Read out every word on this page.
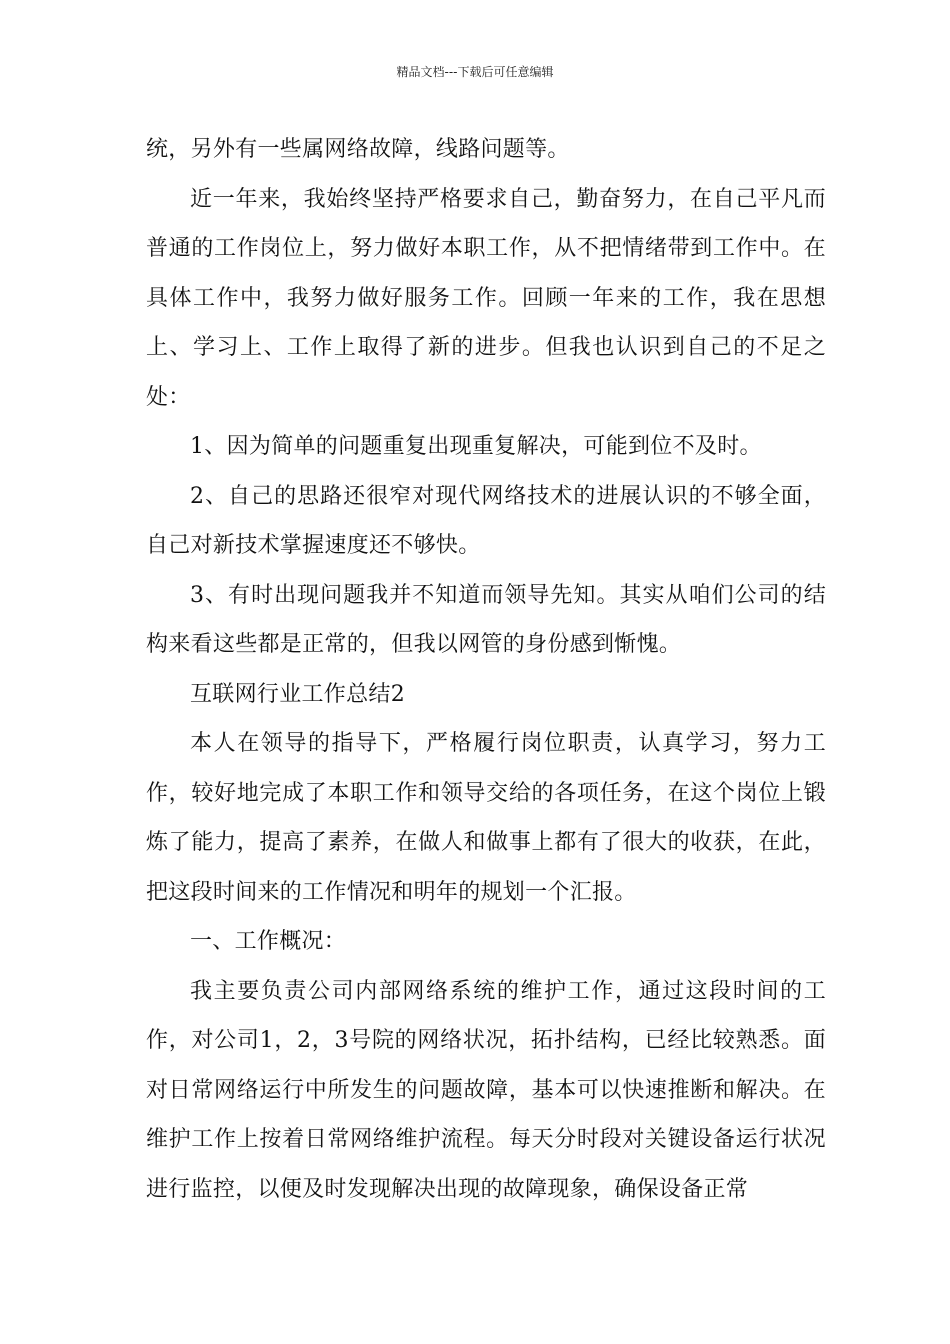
精品文档---下载后可任意编辑

统，另外有一些属网络故障，线路问题等。

近一年来，我始终坚持严格要求自己，勤奋努力，在自己平凡而普通的工作岗位上，努力做好本职工作，从不把情绪带到工作中。在具体工作中，我努力做好服务工作。回顾一年来的工作，我在思想上、学习上、工作上取得了新的进步。但我也认识到自己的不足之处：

1、因为简单的问题重复出现重复解决，可能到位不及时。

2、自己的思路还很窄对现代网络技术的进展认识的不够全面，自己对新技术掌握速度还不够快。

3、有时出现问题我并不知道而领导先知。其实从咱们公司的结构来看这些都是正常的，但我以网管的身份感到惭愧。

互联网行业工作总结2

本人在领导的指导下，严格履行岗位职责，认真学习，努力工作，较好地完成了本职工作和领导交给的各项任务，在这个岗位上锻炼了能力，提高了素养，在做人和做事上都有了很大的收获，在此，把这段时间来的工作情况和明年的规划一个汇报。

一、工作概况：

我主要负责公司内部网络系统的维护工作，通过这段时间的工作，对公司1，2，3号院的网络状况，拓扑结构，已经比较熟悉。面对日常网络运行中所发生的问题故障，基本可以快速推断和解决。在维护工作上按着日常网络维护流程。每天分时段对关键设备运行状况进行监控，以便及时发现解决出现的故障现象，确保设备正常
